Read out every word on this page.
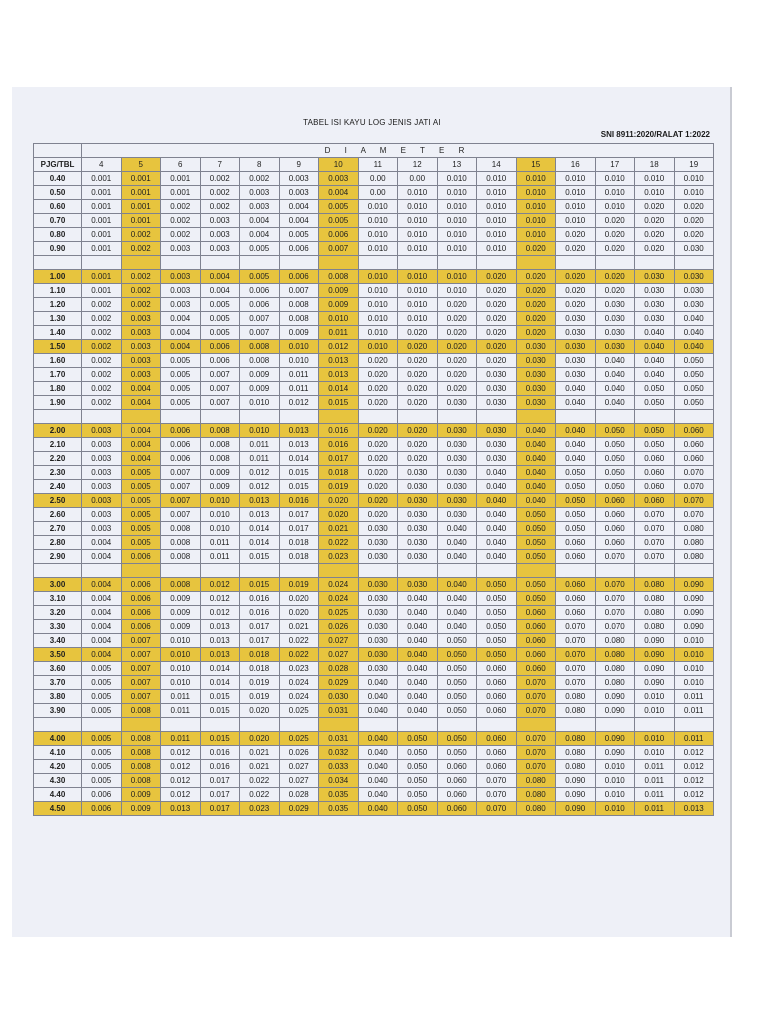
TABEL ISI KAYU LOG JENIS JATI AI
SNI 8911:2020/RALAT 1:2022
	D I A M E T E R															
PJG/TBL	4	5	6	7	8	9	10	11	12	13	14	15	16	17	18	19
0.40	0.001	0.001	0.001	0.002	0.002	0.003	0.003	0.00	0.00	0.010	0.010	0.010	0.010	0.010	0.010	0.010
0.50	0.001	0.001	0.001	0.002	0.003	0.003	0.004	0.00	0.010	0.010	0.010	0.010	0.010	0.010	0.010	0.010
0.60	0.001	0.001	0.002	0.002	0.003	0.004	0.005	0.010	0.010	0.010	0.010	0.010	0.010	0.010	0.020	0.020
0.70	0.001	0.001	0.002	0.003	0.004	0.004	0.005	0.010	0.010	0.010	0.010	0.010	0.010	0.020	0.020	0.020
0.80	0.001	0.002	0.002	0.003	0.004	0.005	0.006	0.010	0.010	0.010	0.010	0.010	0.020	0.020	0.020	0.020
0.90	0.001	0.002	0.003	0.003	0.005	0.006	0.007	0.010	0.010	0.010	0.010	0.020	0.020	0.020	0.020	0.030

1.00	0.001	0.002	0.003	0.004	0.005	0.006	0.008	0.010	0.010	0.010	0.020	0.020	0.020	0.020	0.030	0.030
1.10	0.001	0.002	0.003	0.004	0.006	0.007	0.009	0.010	0.010	0.010	0.020	0.020	0.020	0.020	0.030	0.030
1.20	0.002	0.002	0.003	0.005	0.006	0.008	0.009	0.010	0.010	0.020	0.020	0.020	0.020	0.030	0.030	0.030
1.30	0.002	0.003	0.004	0.005	0.007	0.008	0.010	0.010	0.010	0.020	0.020	0.020	0.030	0.030	0.030	0.040
1.40	0.002	0.003	0.004	0.005	0.007	0.009	0.011	0.010	0.020	0.020	0.020	0.020	0.030	0.030	0.040	0.040
1.50	0.002	0.003	0.004	0.006	0.008	0.010	0.012	0.010	0.020	0.020	0.020	0.030	0.030	0.030	0.040	0.040
1.60	0.002	0.003	0.005	0.006	0.008	0.010	0.013	0.020	0.020	0.020	0.020	0.030	0.030	0.040	0.040	0.050
1.70	0.002	0.003	0.005	0.007	0.009	0.011	0.013	0.020	0.020	0.020	0.030	0.030	0.030	0.040	0.040	0.050
1.80	0.002	0.004	0.005	0.007	0.009	0.011	0.014	0.020	0.020	0.020	0.030	0.030	0.040	0.040	0.050	0.050
1.90	0.002	0.004	0.005	0.007	0.010	0.012	0.015	0.020	0.020	0.030	0.030	0.030	0.040	0.040	0.050	0.050

2.00	0.003	0.004	0.006	0.008	0.010	0.013	0.016	0.020	0.020	0.030	0.030	0.040	0.040	0.050	0.050	0.060
2.10	0.003	0.004	0.006	0.008	0.011	0.013	0.016	0.020	0.020	0.030	0.030	0.040	0.040	0.050	0.050	0.060
2.20	0.003	0.004	0.006	0.008	0.011	0.014	0.017	0.020	0.020	0.030	0.030	0.040	0.040	0.050	0.060	0.060
2.30	0.003	0.005	0.007	0.009	0.012	0.015	0.018	0.020	0.030	0.030	0.040	0.040	0.050	0.050	0.060	0.070
2.40	0.003	0.005	0.007	0.009	0.012	0.015	0.019	0.020	0.030	0.030	0.040	0.040	0.050	0.050	0.060	0.070
2.50	0.003	0.005	0.007	0.010	0.013	0.016	0.020	0.020	0.030	0.030	0.040	0.040	0.050	0.060	0.060	0.070
2.60	0.003	0.005	0.007	0.010	0.013	0.017	0.020	0.020	0.030	0.030	0.040	0.050	0.050	0.060	0.070	0.070
2.70	0.003	0.005	0.008	0.010	0.014	0.017	0.021	0.030	0.030	0.040	0.040	0.050	0.050	0.060	0.070	0.080
2.80	0.004	0.005	0.008	0.011	0.014	0.018	0.022	0.030	0.030	0.040	0.040	0.050	0.060	0.060	0.070	0.080
2.90	0.004	0.006	0.008	0.011	0.015	0.018	0.023	0.030	0.030	0.040	0.040	0.050	0.060	0.070	0.070	0.080

3.00	0.004	0.006	0.008	0.012	0.015	0.019	0.024	0.030	0.030	0.040	0.050	0.050	0.060	0.070	0.080	0.090
3.10	0.004	0.006	0.009	0.012	0.016	0.020	0.024	0.030	0.040	0.040	0.050	0.050	0.060	0.070	0.080	0.090
3.20	0.004	0.006	0.009	0.012	0.016	0.020	0.025	0.030	0.040	0.040	0.050	0.060	0.060	0.070	0.080	0.090
3.30	0.004	0.006	0.009	0.013	0.017	0.021	0.026	0.030	0.040	0.040	0.050	0.060	0.070	0.070	0.080	0.090
3.40	0.004	0.007	0.010	0.013	0.017	0.022	0.027	0.030	0.040	0.050	0.050	0.060	0.070	0.080	0.090	0.010
3.50	0.004	0.007	0.010	0.013	0.018	0.022	0.027	0.030	0.040	0.050	0.050	0.060	0.070	0.080	0.090	0.010
3.60	0.005	0.007	0.010	0.014	0.018	0.023	0.028	0.030	0.040	0.050	0.060	0.060	0.070	0.080	0.090	0.010
3.70	0.005	0.007	0.010	0.014	0.019	0.024	0.029	0.040	0.040	0.050	0.060	0.070	0.070	0.080	0.090	0.010
3.80	0.005	0.007	0.011	0.015	0.019	0.024	0.030	0.040	0.040	0.050	0.060	0.070	0.080	0.090	0.010	0.011
3.90	0.005	0.008	0.011	0.015	0.020	0.025	0.031	0.040	0.040	0.050	0.060	0.070	0.080	0.090	0.010	0.011

4.00	0.005	0.008	0.011	0.015	0.020	0.025	0.031	0.040	0.050	0.050	0.060	0.070	0.080	0.090	0.010	0.011
4.10	0.005	0.008	0.012	0.016	0.021	0.026	0.032	0.040	0.050	0.050	0.060	0.070	0.080	0.090	0.010	0.012
4.20	0.005	0.008	0.012	0.016	0.021	0.027	0.033	0.040	0.050	0.060	0.060	0.070	0.080	0.010	0.011	0.012
4.30	0.005	0.008	0.012	0.017	0.022	0.027	0.034	0.040	0.050	0.060	0.070	0.080	0.090	0.010	0.011	0.012
4.40	0.006	0.009	0.012	0.017	0.022	0.028	0.035	0.040	0.050	0.060	0.070	0.080	0.090	0.010	0.011	0.012
4.50	0.006	0.009	0.013	0.017	0.023	0.029	0.035	0.040	0.050	0.060	0.070	0.080	0.090	0.010	0.011	0.013
